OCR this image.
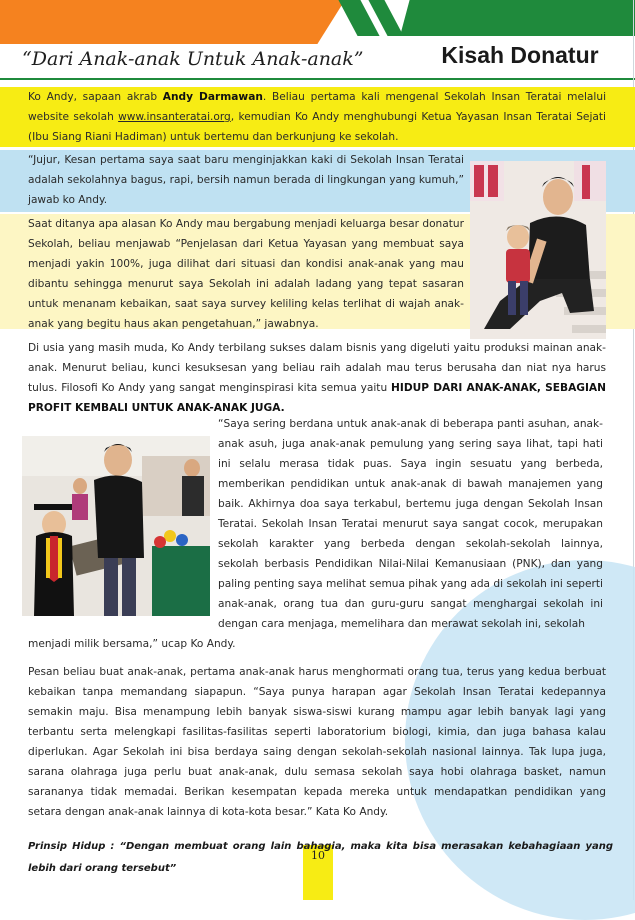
“Dari Anak-anak Untuk Anak-anak”	Kisah Donatur
Ko Andy, sapaan akrab Andy Darmawan. Beliau pertama kali mengenal Sekolah Insan Teratai melalui website sekolah www.insanteratai.org, kemudian Ko Andy menghubungi Ketua Yayasan Insan Teratai Sejati (Ibu Siang Riani Hadiman) untuk bertemu dan berkunjung ke sekolah.
“Jujur, Kesan pertama saya saat baru menginjakkan kaki di Sekolah Insan Teratai adalah sekolahnya bagus, rapi, bersih namun berada di lingkungan yang kumuh,” jawab ko Andy.
Saat ditanya apa alasan Ko Andy mau bergabung menjadi keluarga besar donatur Sekolah, beliau menjawab “Penjelasan dari Ketua Yayasan yang membuat saya menjadi yakin 100%, juga dilihat dari situasi dan kondisi anak-anak yang mau dibantu sehingga menurut saya Sekolah ini adalah ladang yang tepat sasaran untuk menanam kebaikan, saat saya survey keliling kelas terlihat di wajah anak-anak yang begitu haus akan pengetahuan,” jawabnya.
Di usia yang masih muda, Ko Andy terbilang sukses dalam bisnis yang digeluti yaitu produksi mainan anak-anak. Menurut beliau, kunci kesuksesan yang beliau raih adalah mau terus berusaha dan niat nya harus tulus. Filosofi Ko Andy yang sangat menginspirasi kita semua yaitu HIDUP DARI ANAK-ANAK, SEBAGIAN PROFIT KEMBALI UNTUK ANAK-ANAK JUGA.
“Saya sering berdana untuk anak-anak di beberapa panti asuhan, anak-anak asuh, juga anak-anak pemulung yang sering saya lihat, tapi hati ini selalu merasa tidak puas. Saya ingin sesuatu yang berbeda, memberikan pendidikan untuk anak-anak di bawah manajemen yang baik. Akhirnya doa saya terkabul, bertemu juga dengan Sekolah Insan Teratai. Sekolah Insan Teratai menurut saya sangat cocok, merupakan sekolah karakter yang berbeda dengan sekolah-sekolah lainnya, sekolah berbasis Pendidikan Nilai-Nilai Kemanusiaan (PNK), dan yang paling penting saya melihat semua pihak yang ada di sekolah ini seperti anak-anak, orang tua dan guru-guru sangat menghargai sekolah ini dengan cara menjaga, memelihara dan merawat sekolah ini, sekolah
menjadi milik bersama,” ucap Ko Andy.
Pesan beliau buat anak-anak, pertama anak-anak harus menghormati orang tua, terus yang kedua berbuat kebaikan tanpa memandang siapapun. “Saya punya harapan agar Sekolah Insan Teratai kedepannya semakin maju. Bisa menampung lebih banyak siswa-siswi kurang mampu agar lebih banyak lagi yang terbantu serta melengkapi fasilitas-fasilitas seperti laboratorium biologi, kimia, dan juga bahasa kalau diperlukan. Agar Sekolah ini bisa berdaya saing dengan sekolah-sekolah nasional lainnya. Tak lupa juga, sarana olahraga juga perlu buat anak-anak, dulu semasa sekolah saya hobi olahraga basket, namun sarananya tidak memadai. Berikan kesempatan kepada mereka untuk mendapatkan pendidikan yang setara dengan anak-anak lainnya di kota-kota besar.” Kata Ko Andy.
10
Prinsip Hidup : “Dengan membuat orang lain bahagia, maka kita bisa merasakan kebahagiaan yang lebih dari orang tersebut”
